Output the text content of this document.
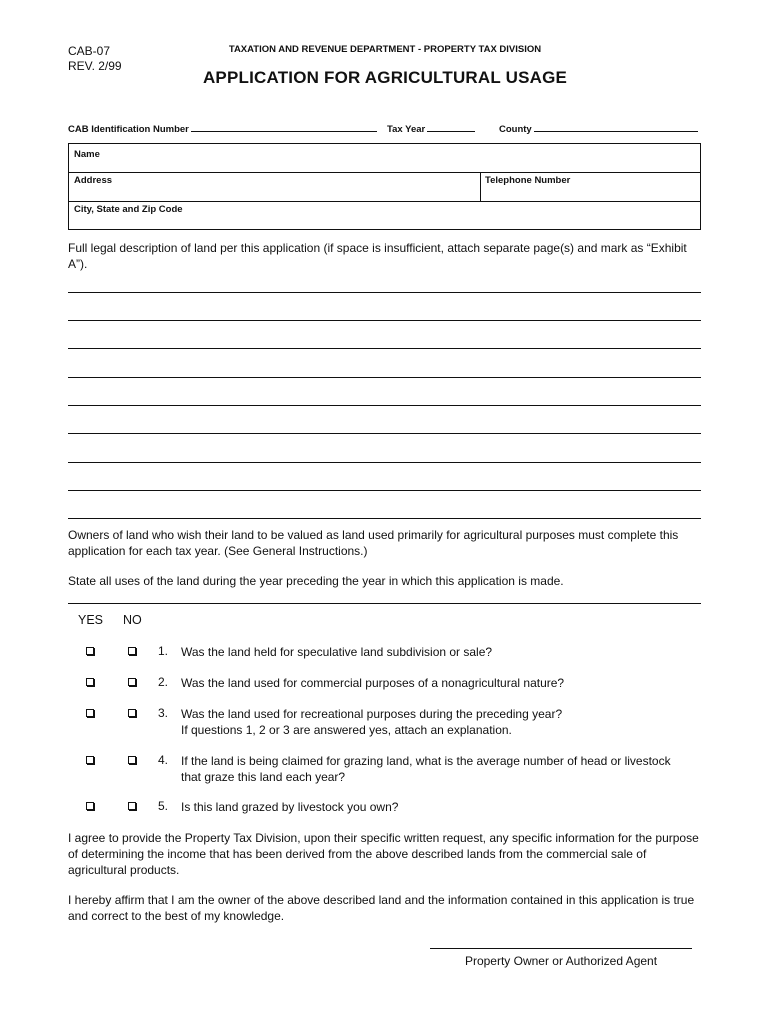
CAB-07
REV. 2/99
TAXATION AND REVENUE DEPARTMENT - PROPERTY TAX DIVISION
APPLICATION FOR AGRICULTURAL USAGE
CAB Identification Number	Tax Year	County
Name
Address	Telephone Number
City, State and Zip Code
Full legal description of land per this application (if space is insufficient, attach separate page(s) and mark as “Exhibit A”).
Owners of land who wish their land to be valued as land used primarily for agricultural purposes must complete this application for each tax year. (See General Instructions.)
State all uses of the land during the year preceding the year in which this application is made.
YES NO
1. Was the land held for speculative land subdivision or sale?
2. Was the land used for commercial purposes of a nonagricultural nature?
3. Was the land used for recreational purposes during the preceding year?
If questions 1, 2 or 3 are answered yes, attach an explanation.
4. If the land is being claimed for grazing land, what is the average number of head or livestock
that graze this land each year?
5. Is this land grazed by livestock you own?
I agree to provide the Property Tax Division, upon their specific written request, any specific information for the purpose of determining the income that has been derived from the above described lands from the commercial sale of agricultural products.
I hereby affirm that I am the owner of the above described land and the information contained in this application is true and correct to the best of my knowledge.
Property Owner or Authorized Agent
